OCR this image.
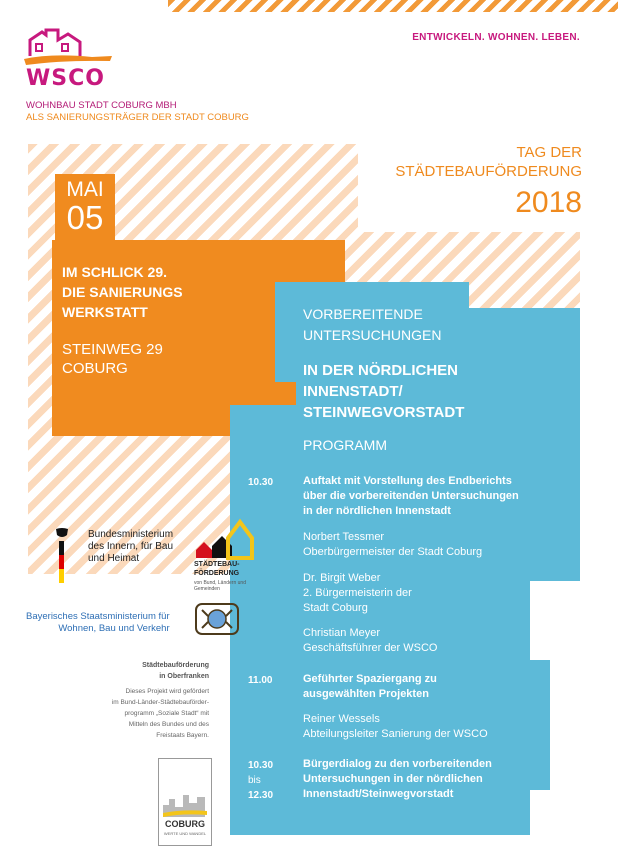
WSCO
WOHNBAU STADT COBURG MBH
ALS SANIERUNGSTRÄGER DER STADT COBURG
ENTWICKELN. WOHNEN. LEBEN.
TAG DER
STÄDTEBAUFÖRDERUNG
2018
MAI
05
IM SCHLICK 29.
DIE SANIERUNGS
WERKSTATT
STEINWEG 29
COBURG
VORBEREITENDE
UNTERSUCHUNGEN
IN DER NÖRDLICHEN
INNENSTADT/
STEINWEGVORSTADT
PROGRAMM
10.30	Auftakt mit Vorstellung des Endberichts
über die vorbereitenden Untersuchungen
in der nördlichen Innenstadt
Norbert Tessmer
Oberbürgermeister der Stadt Coburg
Dr. Birgit Weber
2. Bürgermeisterin der
Stadt Coburg
Christian Meyer
Geschäftsführer der WSCO
11.00	Geführter Spaziergang zu
ausgewählten Projekten
Reiner Wessels
Abteilungsleiter Sanierung der WSCO
10.30
bis
12.30
Bürgerdialog zu den vorbereitenden
Untersuchungen in der nördlichen
Innenstadt/Steinwegvorstadt
Bundesministerium
des Innern, für Bau
und Heimat
STÄDTEBAU-
FÖRDERUNG
von Bund, Ländern und
Gemeinden
Bayerisches Staatsministerium für
Wohnen, Bau und Verkehr
Städtebauförderung
in Oberfranken
Dieses Projekt wird gefördert
im Bund-Länder-Städtebauförder-
programm „Soziale Stadt“ mit
Mitteln des Bundes und des
Freistaats Bayern.
COBURG
WERTE UND WANDEL
